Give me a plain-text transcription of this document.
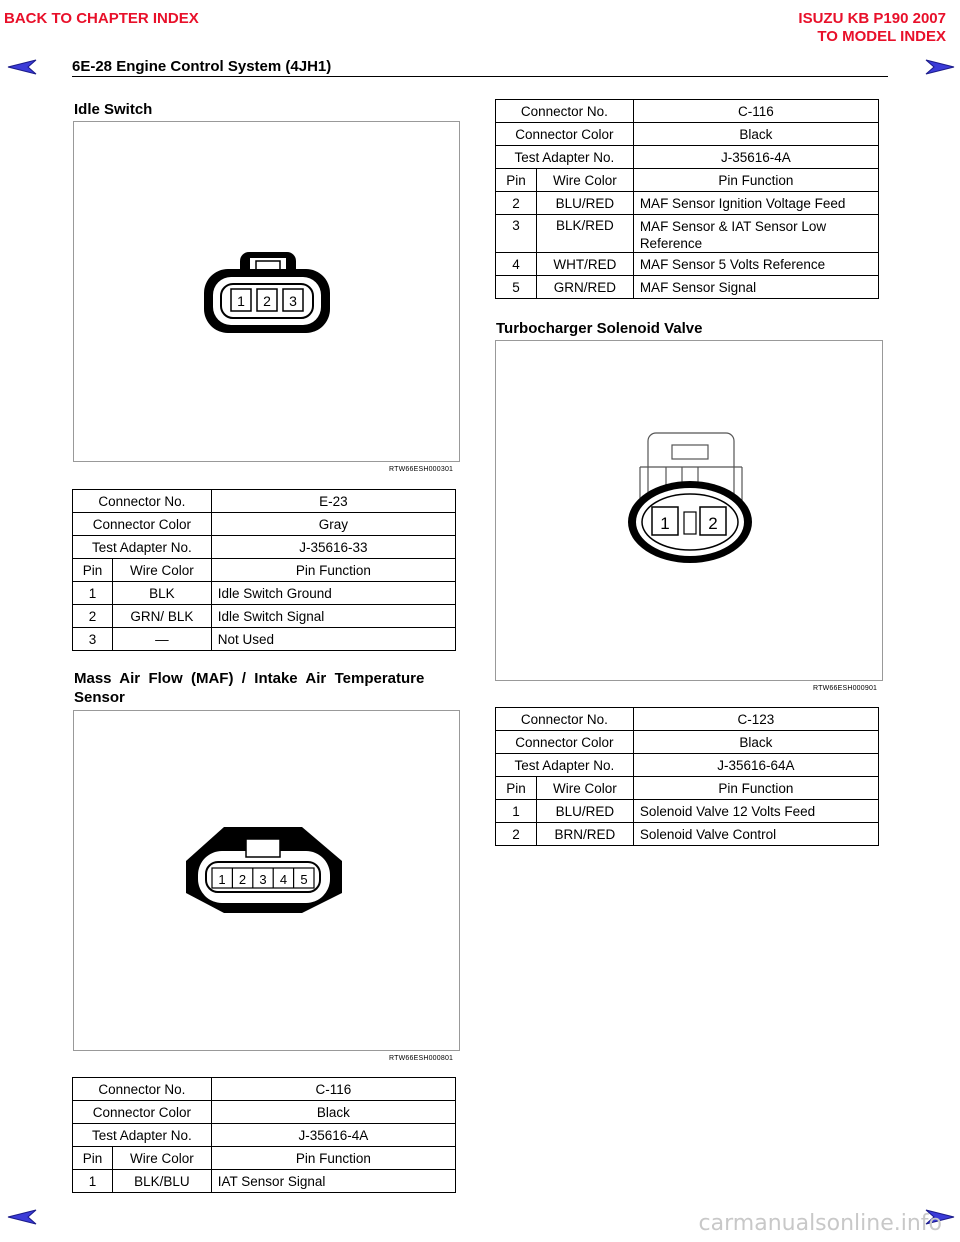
BACK TO CHAPTER INDEX	ISUZU KB P190 2007
TO MODEL INDEX
6E-28 Engine Control System (4JH1)
Idle Switch
1 2 3
RTW66ESH000301
Connector No.		E-23
Connector Color		Gray
Test Adapter No.		J-35616-33
Pin	Wire Color	Pin Function
1	BLK	Idle Switch Ground
2	GRN/ BLK	Idle Switch Signal
3	—	Not Used
Mass  Air  Flow  (MAF)  /  Intake  Air  Temperature
Sensor
1 2 3 4 5
RTW66ESH000801
Connector No.		C-116
Connector Color		Black
Test Adapter No.		J-35616-4A
Pin	Wire Color	Pin Function
1	BLK/BLU	IAT Sensor Signal
Connector No.		C-116
Connector Color		Black
Test Adapter No.		J-35616-4A
Pin	Wire Color	Pin Function
2	BLU/RED	MAF Sensor Ignition Voltage Feed
3	BLK/RED	MAF Sensor & IAT Sensor Low
Reference

4	WHT/RED	MAF Sensor 5 Volts Reference
5	GRN/RED	MAF Sensor Signal
Turbocharger Solenoid Valve
1 2
RTW66ESH000901
Connector No.		C-123
Connector Color		Black
Test Adapter No.		J-35616-64A
Pin	Wire Color	Pin Function
1	BLU/RED	Solenoid Valve 12 Volts Feed
2	BRN/RED	Solenoid Valve Control
carmanualsonline.info
